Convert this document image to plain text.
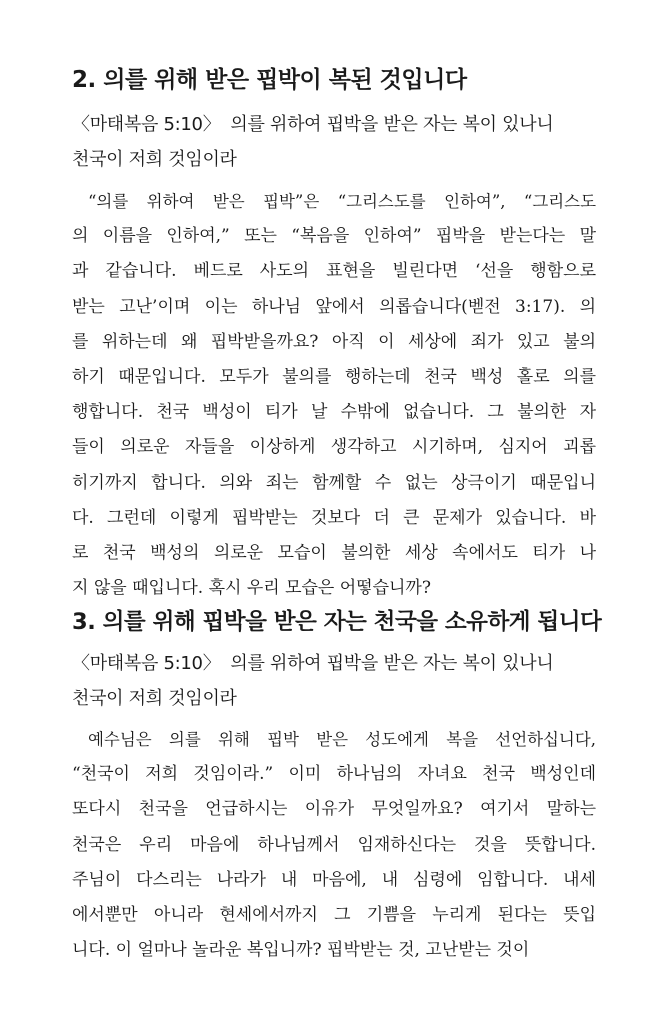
2. 의를 위해 받은 핍박이 복된 것입니다

〈마태복음 5:10〉 의를 위하여 핍박을 받은 자는 복이 있나니
천국이 저희 것임이라

“의를 위하여 받은 핍박”은 “그리스도를 인하여”, “그리스도
의 이름을 인하여,” 또는 “복음을 인하여” 핍박을 받는다는 말
과 같습니다. 베드로 사도의 표현을 빌린다면 ‘선을 행함으로
받는 고난’이며 이는 하나님 앞에서 의롭습니다(벧전 3:17). 의
를 위하는데 왜 핍박받을까요? 아직 이 세상에 죄가 있고 불의
하기 때문입니다. 모두가 불의를 행하는데 천국 백성 홀로 의를
행합니다. 천국 백성이 티가 날 수밖에 없습니다. 그 불의한 자
들이 의로운 자들을 이상하게 생각하고 시기하며, 심지어 괴롭
히기까지 합니다. 의와 죄는 함께할 수 없는 상극이기 때문입니
다. 그런데 이렇게 핍박받는 것보다 더 큰 문제가 있습니다. 바
로 천국 백성의 의로운 모습이 불의한 세상 속에서도 티가 나
지 않을 때입니다. 혹시 우리 모습은 어떻습니까?
3. 의를 위해 핍박을 받은 자는 천국을 소유하게 됩니다

〈마태복음 5:10〉 의를 위하여 핍박을 받은 자는 복이 있나니
천국이 저희 것임이라

예수님은 의를 위해 핍박 받은 성도에게 복을 선언하십니다,
“천국이 저희 것임이라.” 이미 하나님의 자녀요 천국 백성인데
또다시 천국을 언급하시는 이유가 무엇일까요? 여기서 말하는
천국은 우리 마음에 하나님께서 임재하신다는 것을 뜻합니다.
주님이 다스리는 나라가 내 마음에, 내 심령에 임합니다. 내세
에서뿐만 아니라 현세에서까지 그 기쁨을 누리게 된다는 뜻입
니다. 이 얼마나 놀라운 복입니까? 핍박받는 것, 고난받는 것이
